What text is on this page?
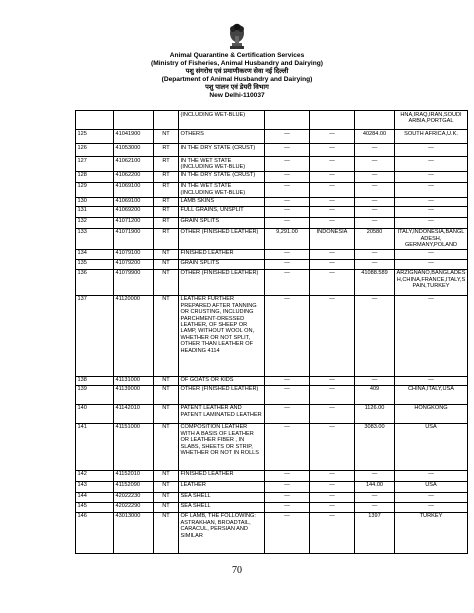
Animal Quarantine & Certification Services
(Ministry of Fisheries, Animal Husbandry and Dairying)
पशु संगरोध एवं प्रमाणीकरण सेवा नई दिल्ली
(Department of Animal Husbandry and Dairying)
पशु पालन एवं डेयरी विभाग
New Delhi-110037
			(INCLUDING WET-BLUE)				HNA,IRAQ,IRAN,SOUDI ARBIA,PORTGAL
125	41041900	NT	OTHERS	—	—	40284.00	SOUTH AFRICA,U.K.
126	41053000	RT	IN THE DRY STATE (CRUST)	—	—	—	—
127	41062100	RT	IN THE WET STATE (INCLUDING WET-BLUE)	—	—	—	—
128	41062200	RT	IN THE DRY STATE (CRUST)	—	—	—	—
129	41069100	RT	IN THE WET STATE (INCLUDING WET-BLUE)	—	—	—	—
130	41069100	RT	LAMB SKINS	—	—	—	—
131	41069200	RT	FULL GRAINS, UNSPLIT	—	—	—	—
132	41071200	RT	GRAIN SPLITS	—	—	—	—
133	41071900	RT	OTHER (FINISHED LEATHER)	9,291.00	INDONESIA	20580	ITALY,INDONESIA,BANGL ADESH, GERMANY,POLAND
134	41079100	NT	FINISHED LEATHER	—	—	—	—
135	41079200	NT	GRAIN SPLITS	—	—	—	—
136	41079900	NT	OTHER (FINISHED LEATHER)	—	—	41088.589	ARZIGNANO,BANGLADES H,CHINA,FRANCE,ITALY,S PAIN,TURKEY
137	41120000	NT	LEATHER FURTHER PREPARED AFTER TANNING OR CRUSTING, INCLUDING PARCHMENT-DRESSED LEATHER, OF SHEEP OR LAMP, WITHOUT WOOL ON, WHETHER OR NOT SPLIT, OTHER THAN LEATHER OF HEADING 4114	—	—	—	—
138	41131000	NT	OF GOATS OR KIDS	—	—	—	—
139	41139000	NT	OTHER (FINISHED LEATHER)	—	—	409	CHINA,ITALY,USA
140	41142010	NT	PATENT LEATHER AND PATENT LAMINATED LEATHER	—	—	1126.00	HONGKONG
141	41151000	NT	COMPOSITION LEATHER WITH A BASIS OF LEATHER OR LEATHER FIBER , IN SLABS, SHEETS OR STRIP, WHETHER OR NOT IN ROLLS	—	—	3083.00	USA
142	41152010	NT	FINISHED LEATHER	—	—	—	—
143	41152090	NT	LEATHER	—	—	144.00	USA
144	42022230	NT	SEA SHELL	—	—	—	—
145	42022290	NT	SEA SHELL	—	—	—	—
146	43013000	NT	OF LAMB, THE FOLLOWING: ASTRAKHAN, BROADTAIL, CARACUL, PERSIAN AND SIMILAR	—	—	1397	TURKEY
70
